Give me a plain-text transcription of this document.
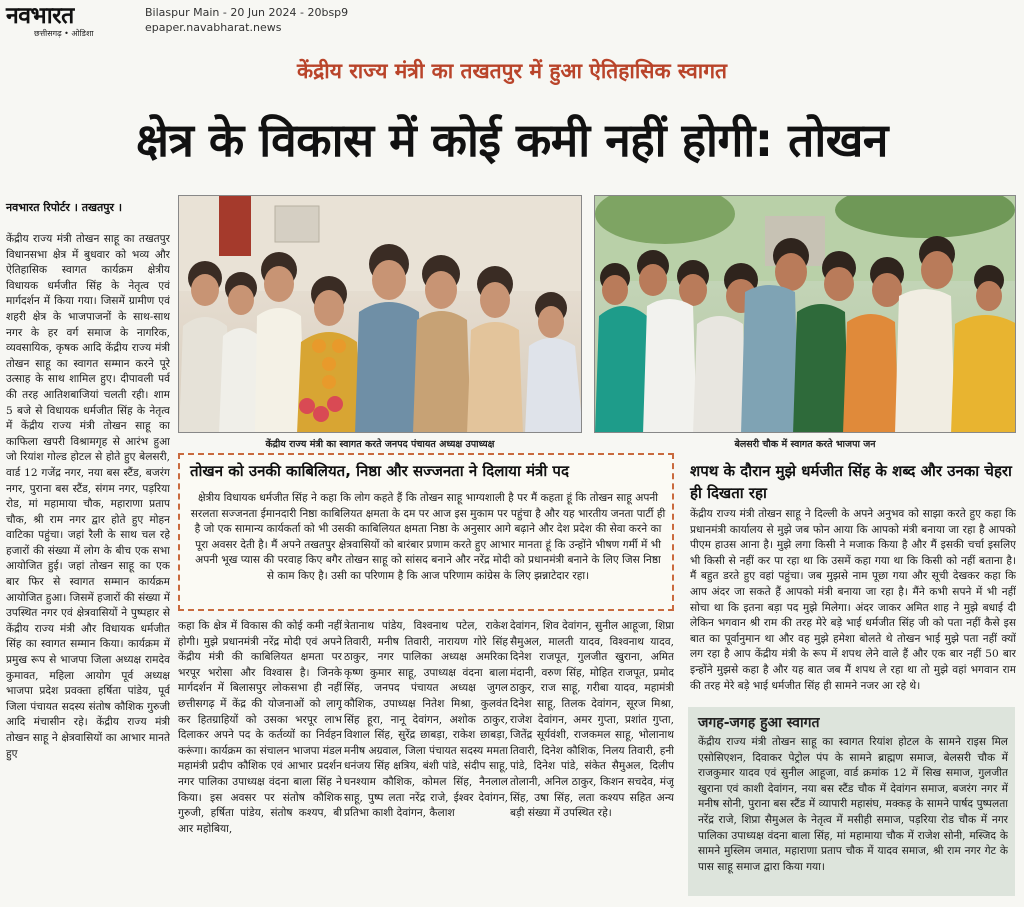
नवभारत
छत्तीसगढ़ • ओडिशा
Bilaspur Main - 20 Jun 2024 - 20bsp9
epaper.navabharat.news
केंद्रीय राज्य मंत्री का तखतपुर में हुआ ऐतिहासिक स्वागत
क्षेत्र के विकास में कोई कमी नहीं होगी: तोखन
नवभारत रिपोर्टर । तखतपुर ।
केंद्रीय राज्य मंत्री तोखन साहू का तखतपुर विधानसभा क्षेत्र में बुधवार को भव्य और ऐतिहासिक स्वागत कार्यक्रम क्षेत्रीय विधायक धर्मजीत सिंह के नेतृत्व एवं मार्गदर्शन में किया गया। जिसमें ग्रामीण एवं शहरी क्षेत्र के भाजपाजनों के साथ-साथ नगर के हर वर्ग समाज के नागरिक, व्यवसायिक, कृषक आदि केंद्रीय राज्य मंत्री तोखन साहू का स्वागत सम्मान करने पूरे उत्साह के साथ शामिल हुए। दीपावली पर्व की तरह आतिशबाजियां चलती रही। शाम 5 बजे से विधायक धर्मजीत सिंह के नेतृत्व में केंद्रीय राज्य मंत्री तोखन साहू का काफिला खपरी विश्रामगृह से आरंभ हुआ जो रियांश गोल्ड होटल से होते हुए बेलसरी, वार्ड 12 गजेंद्र नगर, नया बस स्टैंड, बजरंग नगर, पुराना बस स्टैंड, संगम नगर, पड़रिया रोड, मां महामाया चौक, महाराणा प्रताप चौक, श्री राम नगर द्वार होते हुए मोहन वाटिका पहुंचा। जहां रैली के साथ चल रहे हजारों की संख्या में लोग के बीच एक सभा आयोजित हुई। जहां तोखन साहू का एक बार फिर से स्वागत सम्मान कार्यक्रम आयोजित हुआ। जिसमें हजारों की संख्या में उपस्थित नगर एवं क्षेत्रवासियों ने पुष्पहार से केंद्रीय राज्य मंत्री और विधायक धर्मजीत सिंह का स्वागत सम्मान किया। कार्यक्रम में प्रमुख रूप से भाजपा जिला अध्यक्ष रामदेव कुमावत, महिला आयोग पूर्व अध्यक्ष भाजपा प्रदेश प्रवक्ता हर्षिता पांडेय, पूर्व जिला पंचायत सदस्य संतोष कौशिक गुरुजी आदि मंचासीन रहे। केंद्रीय राज्य मंत्री तोखन साहू ने क्षेत्रवासियों का आभार मानते हुए
केंद्रीय राज्य मंत्री का स्वागत करते जनपद पंचायत अध्यक्ष उपाध्यक्ष	बेलसरी चौक में स्वागत करते भाजपा जन
तोखन को उनकी काबिलियत, निष्ठा और सज्जनता ने दिलाया मंत्री पद
क्षेत्रीय विधायक धर्मजीत सिंह ने कहा कि लोग कहते हैं कि तोखन साहू भाग्यशाली है पर मैं कहता हूं कि तोखन साहू अपनी सरलता सज्जनता ईमानदारी निष्ठा काबिलियत क्षमता के दम पर आज इस मुकाम पर पहुंचा है और यह भारतीय जनता पार्टी ही है जो एक सामान्य कार्यकर्ता को भी उसकी काबिलियत क्षमता निष्ठा के अनुसार आगे बढ़ाने और देश प्रदेश की सेवा करने का पूरा अवसर देती है। मैं अपने तखतपुर क्षेत्रवासियों को बारंबार प्रणाम करते हुए आभार मानता हूं कि उन्होंने भीषण गर्मी में भी अपनी भूख प्यास की परवाह किए बगैर तोखन साहू को सांसद बनाने और नरेंद्र मोदी को प्रधानमंत्री बनाने के लिए जिस निष्ठा से काम किए है। उसी का परिणाम है कि आज परिणाम कांग्रेस के लिए झन्नाटेदार रहा।
कहा कि क्षेत्र में विकास की कोई कमी नहीं होगी। मुझे प्रधानमंत्री नरेंद्र मोदी एवं अपने केंद्रीय मंत्री की काबिलियत क्षमता पर भरपूर भरोसा और विश्वास है। जिनके मार्गदर्शन में बिलासपुर लोकसभा ही नहीं छत्तीसगढ़ में केंद्र की योजनाओं को लागू कर हितग्राहियों को उसका भरपूर लाभ दिलाकर अपने पद के कर्तव्यों का निर्वहन करूंगा। कार्यक्रम का संचालन भाजपा मंडल महामंत्री प्रदीप कौशिक एवं आभार प्रदर्शन नगर पालिका उपाध्यक्ष वंदना बाला सिंह ने किया। इस अवसर पर संतोष कौशिक गुरुजी, हर्षिता पांडेय, संतोष कश्यप, बी आर महोबिया,
त्रेतानाथ पांडेय, विश्वनाथ पटेल, राकेश तिवारी, मनीष तिवारी, नारायण गोरे सिंह ठाकुर, नगर पालिका अध्यक्ष अमरिका कृष्ण कुमार साहू, उपाध्यक्ष वंदना बाला सिंह, जनपद पंचायत अध्यक्ष जुगल कौशिक, उपाध्यक्ष नितेश मिश्रा, कुलवंत सिंह हूरा, नानू देवांगन, अशोक ठाकुर, विशाल सिंह, सुरेंद्र छाबड़ा, राकेश छाबड़ा, मनीष अग्रवाल, जिला पंचायत सदस्य ममता धनंजय सिंह क्षत्रिय, बंशी पांडे, संदीप साहू, घनश्याम कौशिक, कोमल सिंह, नैनलाल साहू, पुष्प लता नरेंद्र राजे, ईश्वर देवांगन, प्रतिभा काशी देवांगन, कैलाश
देवांगन, शिव देवांगन, सुनील आहूजा, शिप्रा सैमुअल, मालती यादव, विश्वनाथ यादव, दिनेश राजपूत, गुलजीत खुराना, अमित मंदानी, वरुण सिंह, मोहित राजपूत, प्रमोद ठाकुर, राज साहू, गरीबा यादव, महामंत्री दिनेश साहू, तिलक देवांगन, सूरज मिश्रा, राजेश देवांगन, अमर गुप्ता, प्रशांत गुप्ता, जितेंद्र सूर्यवंशी, राजकमल साहू, भोलानाथ तिवारी, दिनेश कौशिक, निलय तिवारी, हनी पांडे, दिनेश पांडे, संकेत सैमुअल, दिलीप तोलानी, अनिल ठाकुर, किशन सचदेव, मंजू सिंह, उषा सिंह, लता कश्यप सहित अन्य बड़ी संख्या में उपस्थित रहे।
शपथ के दौरान मुझे धर्मजीत सिंह के शब्द और उनका चेहरा ही दिखता रहा
केंद्रीय राज्य मंत्री तोखन साहू ने दिल्ली के अपने अनुभव को साझा करते हुए कहा कि प्रधानमंत्री कार्यालय से मुझे जब फोन आया कि आपको मंत्री बनाया जा रहा है आपको पीएम हाउस आना है। मुझे लगा किसी ने मजाक किया है और मैं इसकी चर्चा इसलिए भी किसी से नहीं कर पा रहा था कि उसमें कहा गया था कि किसी को नहीं बताना है। मैं बहुत डरते हुए वहां पहुंचा। जब मुझसे नाम पूछा गया और सूची देखकर कहा कि आप अंदर जा सकते हैं आपको मंत्री बनाया जा रहा है। मैंने कभी सपने में भी नहीं सोचा था कि इतना बड़ा पद मुझे मिलेगा। अंदर जाकर अमित शाह ने मुझे बधाई दी लेकिन भगवान श्री राम की तरह मेरे बड़े भाई धर्मजीत सिंह जी को पता नहीं कैसे इस बात का पूर्वानुमान था और वह मुझे हमेशा बोलते थे तोखन भाई मुझे पता नहीं क्यों लग रहा है आप केंद्रीय मंत्री के रूप में शपथ लेने वाले हैं और एक बार नहीं 50 बार इन्होंने मुझसे कहा है और यह बात जब मैं शपथ ले रहा था तो मुझे वहां भगवान राम की तरह मेरे बड़े भाई धर्मजीत सिंह ही सामने नजर आ रहे थे।
जगह-जगह हुआ स्वागत
केंद्रीय राज्य मंत्री तोखन साहू का स्वागत रियांश होटल के सामने राइस मिल एसोसिएशन, दिवाकर पेट्रोल पंप के सामने ब्राह्मण समाज, बेलसरी चौक में राजकुमार यादव एवं सुनील आहूजा, वार्ड क्रमांक 12 में सिख समाज, गुलजीत खुराना एवं काशी देवांगन, नया बस स्टैंड चौक में देवांगन समाज, बजरंग नगर में मनीष सोनी, पुराना बस स्टैंड में व्यापारी महासंघ, मक्कड़ के सामने पार्षद पुष्पलता नरेंद्र राजे, शिप्रा सैमुअल के नेतृत्व में मसीही समाज, पड़रिया रोड चौक में नगर पालिका उपाध्यक्ष वंदना बाला सिंह, मां महामाया चौक में राजेश सोनी, मस्जिद के सामने मुस्लिम जमात, महाराणा प्रताप चौक में यादव समाज, श्री राम नगर गेट के पास साहू समाज द्वारा किया गया।
